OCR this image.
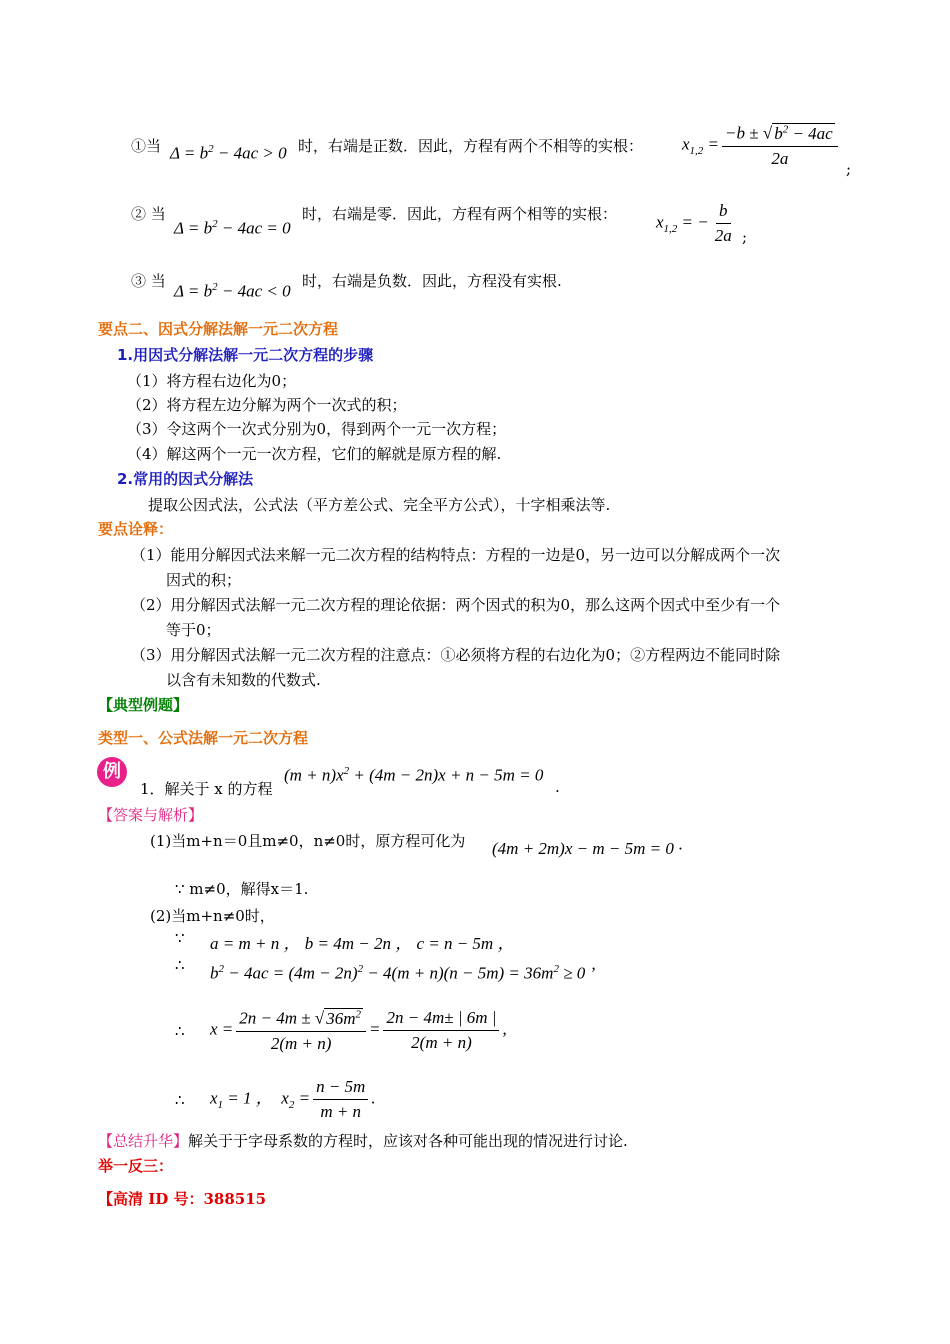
①当 $\Delta = b^2 - 4ac > 0$ 时，右端是正数．因此，方程有两个不相等的实根： $x_{1,2} = \frac{-b \pm √ b^2 - 4ac}{2a}$
;
② 当
$\Delta = b^2 - 4ac = 0$
时，右端是零．因此，方程有两个相等的实根： $x_{1,2}$ = − $\frac{b}{2a}$ ;
③ 当
$\Delta = b^2 - 4ac < 0$
时，右端是负数．因此，方程没有实根.
要点二、因式分解法解一元二次方程
1.用因式分解法解一元二次方程的步骤
（1）将方程右边化为0；
（2）将方程左边分解为两个一次式的积；
（3）令这两个一次式分别为0，得到两个一元一次方程；
（4）解这两个一元一次方程，它们的解就是原方程的解.
2.常用的因式分解法
提取公因式法，公式法（平方差公式、完全平方公式），十字相乘法等.
要点诠释：
（1）能用分解因式法来解一元二次方程的结构特点：方程的一边是0，另一边可以分解成两个一次
因式的积；
（2）用分解因式法解一元二次方程的理论依据：两个因式的积为0，那么这两个因式中至少有一个
等于0；
（3）用分解因式法解一元二次方程的注意点：①必须将方程的右边化为0；②方程两边不能同时除
以含有未知数的代数式.
【典型例题】
类型一、公式法解一元二次方程
例
1．解关于 x 的方程
$(m + n)x^2 + (4m - 2n)x + n - 5m = 0$
.
【答案与解析】
(1)当m+n＝0且m≠0，n≠0时，原方程可化为 (4m + 2m)x − m − 5m = 0 ·
∵ m≠0，解得x＝1.
(2)当m+n≠0时，
∵ a = m + n ， b = 4m − 2n ， c = n − 5m ，
∴ $b^2 - 4ac = (4m - 2n)^2 - 4(m + n)(n - 5m) = 36m^2 \ge 0$ ’
∴ $x = \frac{2n - 4m \pm √ 36m^2}{2(m + n)} = \frac{2n - 4m\pm | 6m |}{2(m + n)}$ ,
∴ $x_1 = 1$ ，  $x_2 = \frac{n - 5m}{m + n}$ .
【总结升华】解关于于字母系数的方程时，应该对各种可能出现的情况进行讨论.
举一反三：
【高清 ID 号：388515
